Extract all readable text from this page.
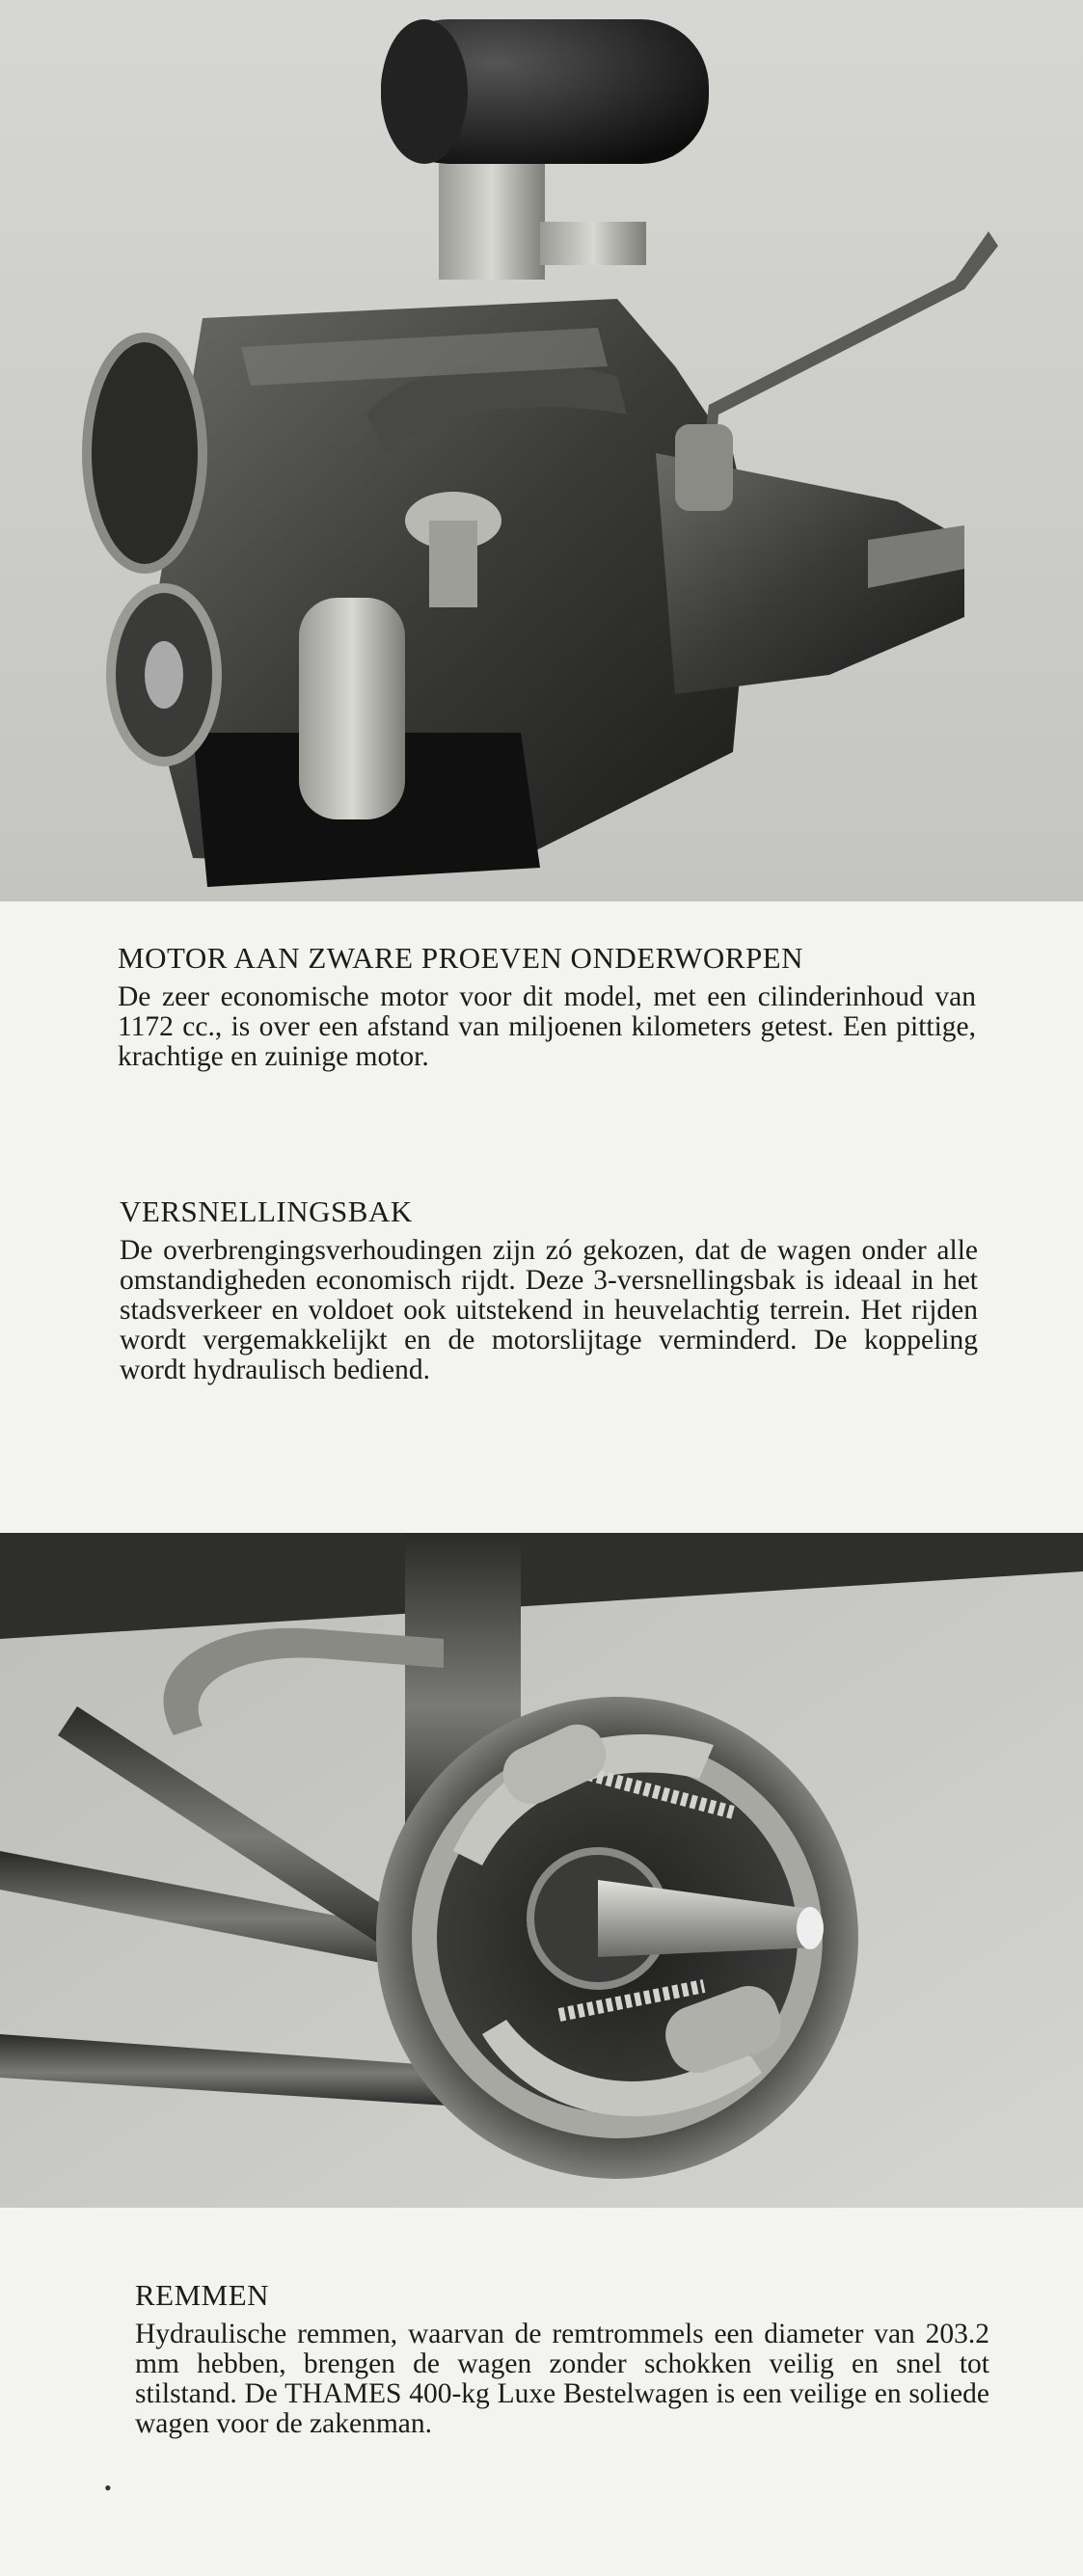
MOTOR AAN ZWARE PROEVEN ONDERWORPEN

De zeer economische motor voor dit model, met een cilinderinhoud van 1172 cc., is over een afstand van miljoenen kilometers getest. Een pittige, krachtige en zuinige motor.

VERSNELLINGSBAK

De overbrengingsverhoudingen zijn zó gekozen, dat de wagen onder alle omstandigheden economisch rijdt. Deze 3-versnellingsbak is ideaal in het stadsverkeer en voldoet ook uitstekend in heuvelachtig terrein. Het rijden wordt vergemakkelijkt en de motorslijtage verminderd. De koppeling wordt hydraulisch bediend.

REMMEN

Hydraulische remmen, waarvan de remtrommels een diameter van 203.2 mm hebben, brengen de wagen zonder schokken veilig en snel tot stilstand. De THAMES 400-kg Luxe Bestelwagen is een veilige en soliede wagen voor de zakenman.

•
